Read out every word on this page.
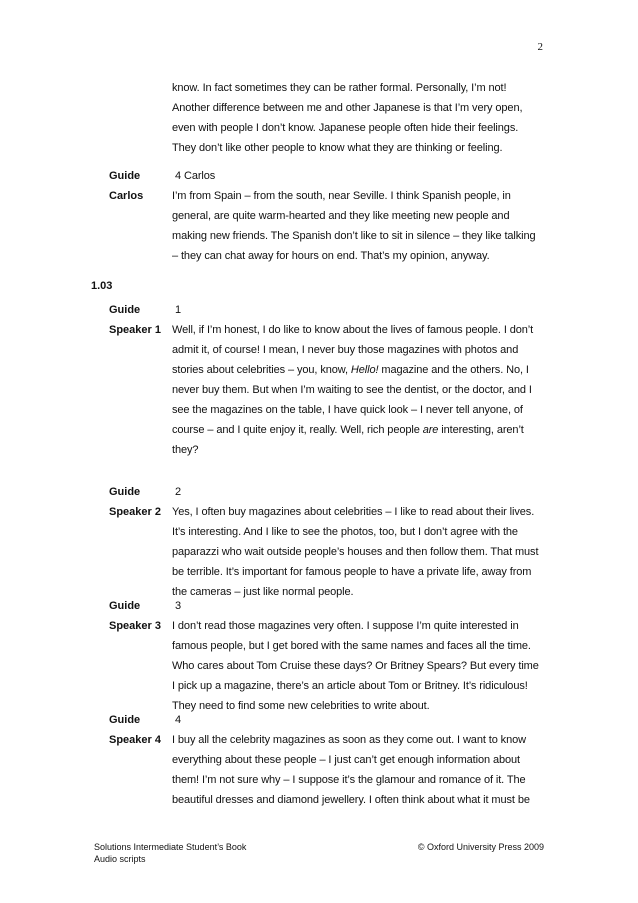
2
know. In fact sometimes they can be rather formal. Personally, I’m not!
Another difference between me and other Japanese is that I’m very open,
even with people I don’t know. Japanese people often hide their feelings.
They don’t like other people to know what they are thinking or feeling.
Guide	4 Carlos
Carlos	I’m from Spain – from the south, near Seville. I think Spanish people, in
general, are quite warm-hearted and they like meeting new people and
making new friends. The Spanish don’t like to sit in silence – they like talking
– they can chat away for hours on end. That’s my opinion, anyway.
1.03
Guide	1
Speaker 1 Well, if I’m honest, I do like to know about the lives of famous people. I don’t
admit it, of course! I mean, I never buy those magazines with photos and
stories about celebrities – you, know, Hello! magazine and the others. No, I
never buy them. But when I’m waiting to see the dentist, or the doctor, and I
see the magazines on the table, I have quick look – I never tell anyone, of
course – and I quite enjoy it, really. Well, rich people are interesting, aren’t
they?
Guide	2
Speaker 2 Yes, I often buy magazines about celebrities – I like to read about their lives.
It’s interesting. And I like to see the photos, too, but I don’t agree with the
paparazzi who wait outside people’s houses and then follow them. That must
be terrible. It’s important for famous people to have a private life, away from
the cameras – just like normal people.
Guide	3
Speaker 3 I don’t read those magazines very often. I suppose I’m quite interested in
famous people, but I get bored with the same names and faces all the time.
Who cares about Tom Cruise these days? Or Britney Spears? But every time
I pick up a magazine, there’s an article about Tom or Britney. It’s ridiculous!
They need to find some new celebrities to write about.
Guide	4
Speaker 4 I buy all the celebrity magazines as soon as they come out. I want to know
everything about these people – I just can’t get enough information about
them! I’m not sure why – I suppose it’s the glamour and romance of it. The
beautiful dresses and diamond jewellery. I often think about what it must be
Solutions Intermediate Student’s Book
Audio scripts
© Oxford University Press 2009
